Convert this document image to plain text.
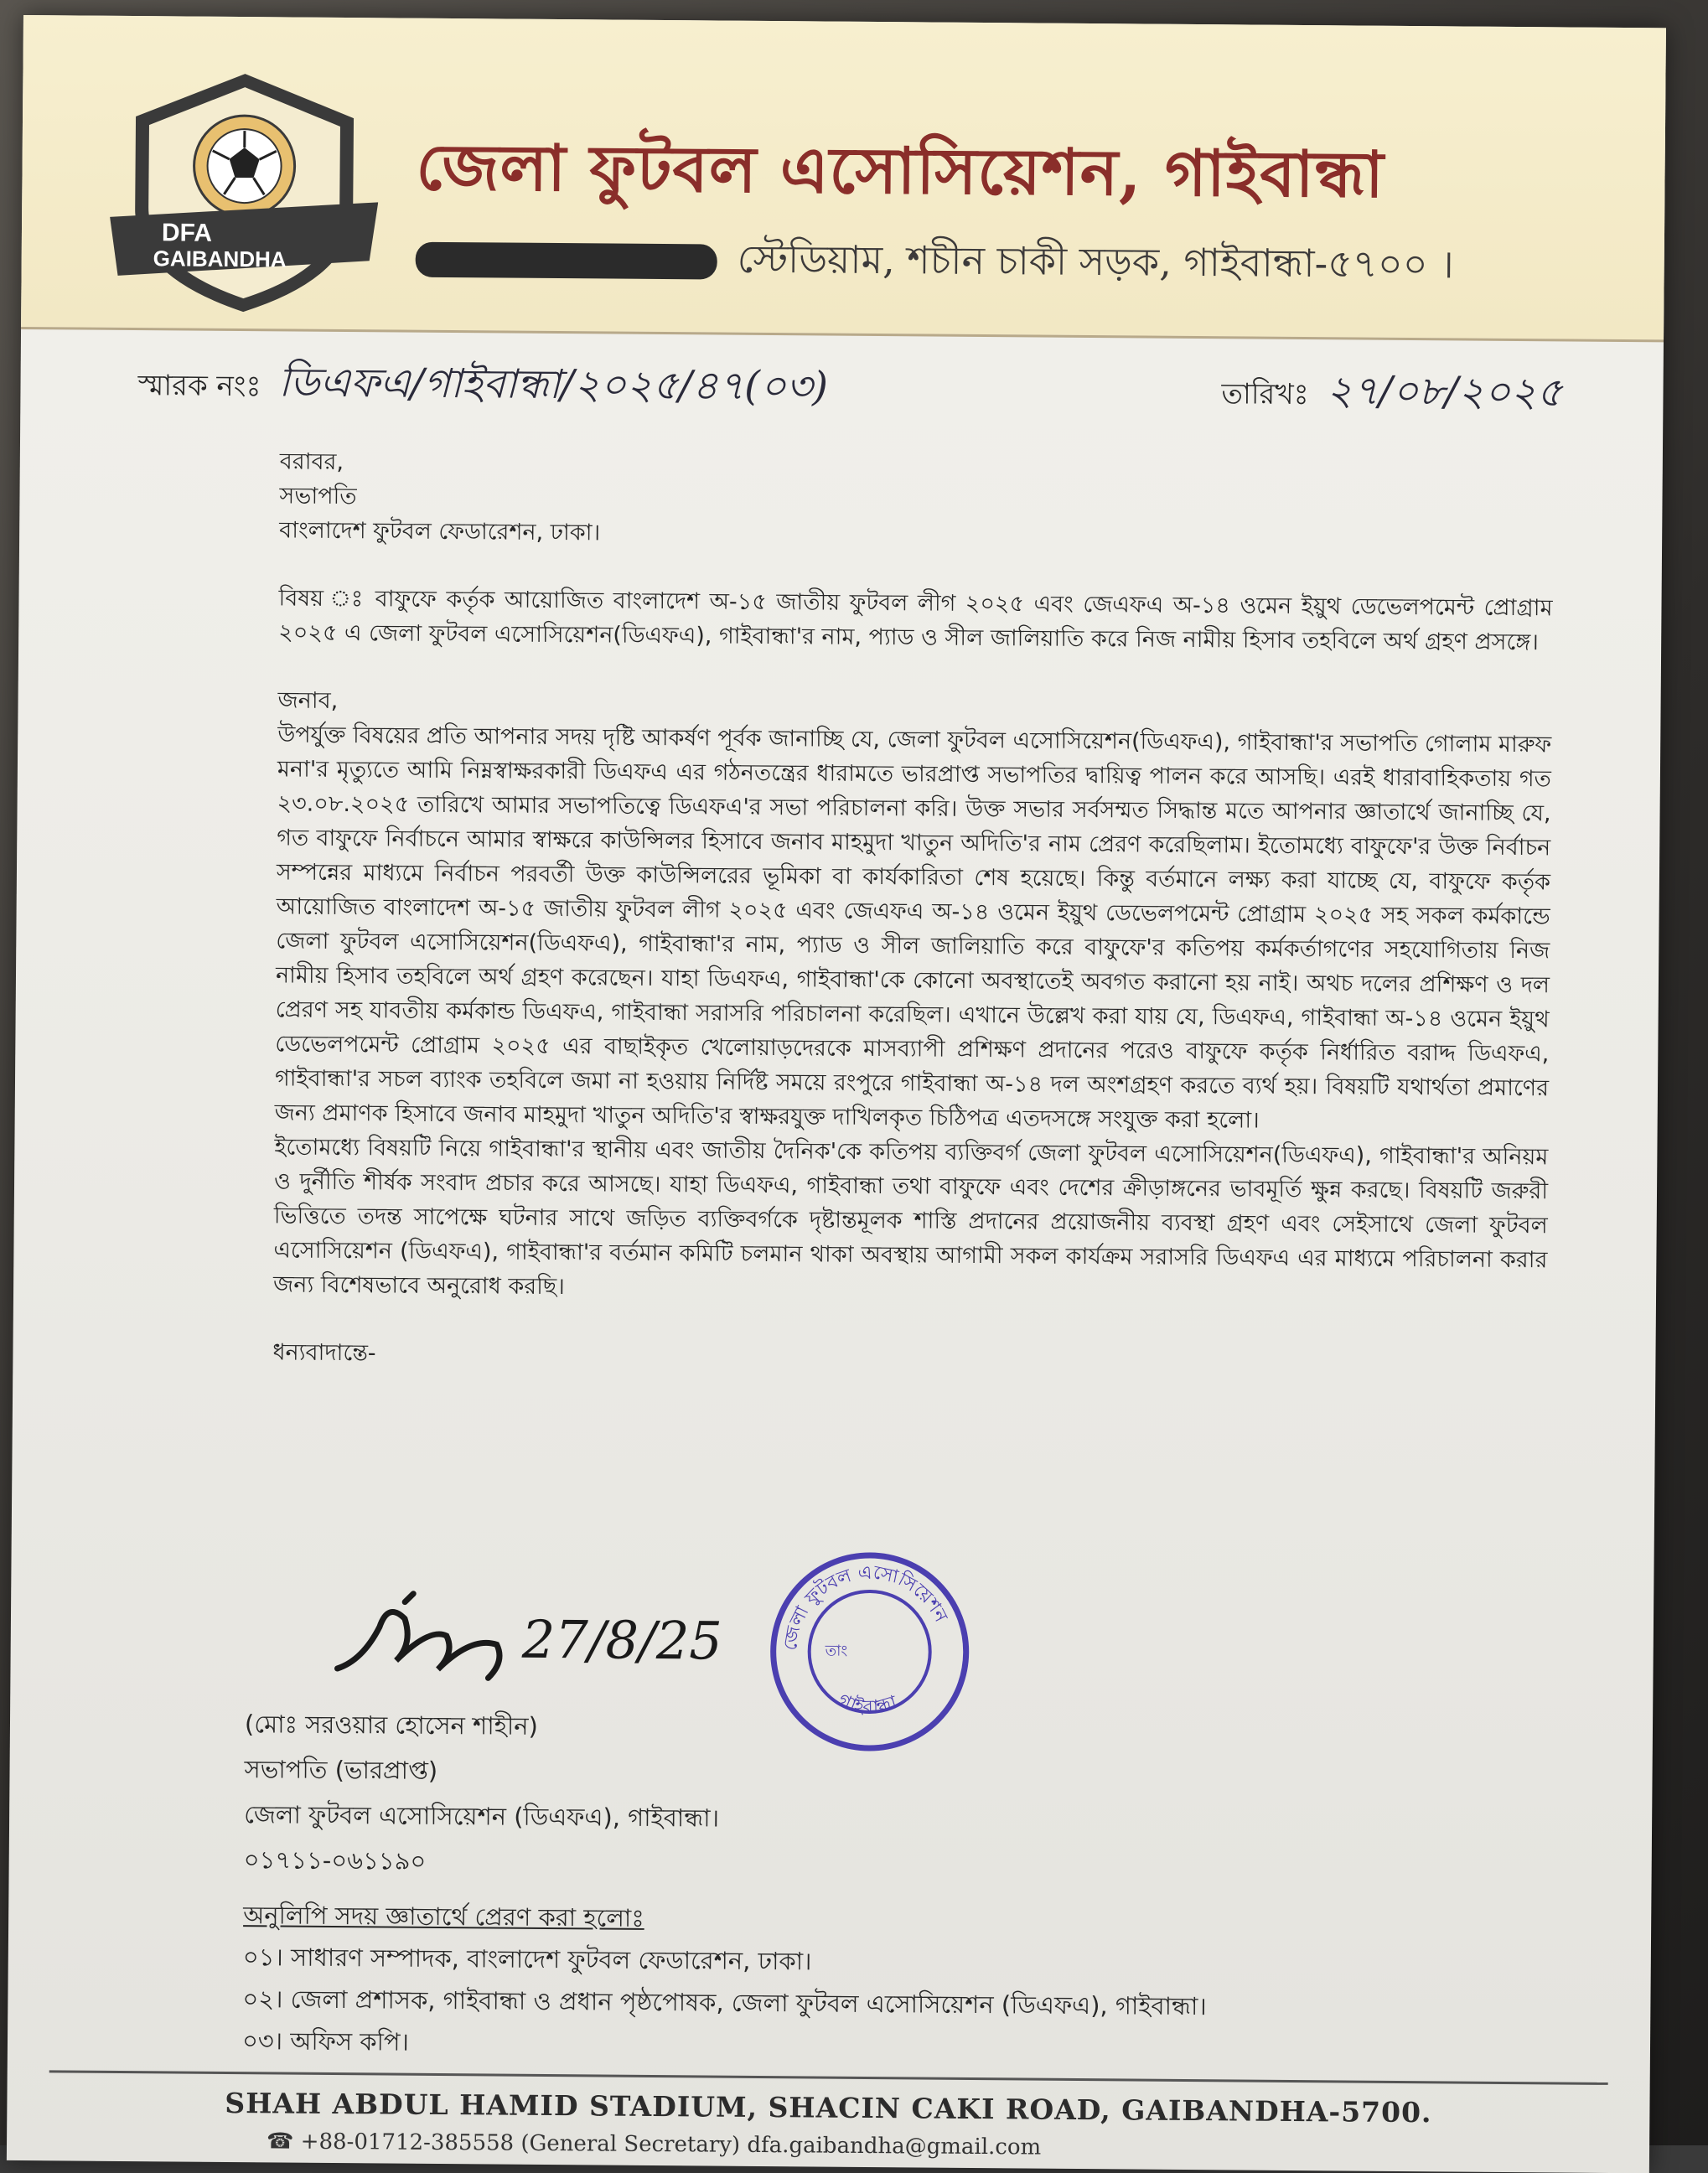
DFA
GAIBANDHA
জেলা ফুটবল এসোসিয়েশন, গাইবান্ধা
স্টেডিয়াম, শচীন চাকী সড়ক, গাইবান্ধা-৫৭০০ ।
স্মারক নংঃ ডিএফএ/গাইবান্ধা/২০২৫/৪৭(০৩)	তারিখঃ ২৭/০৮/২০২৫

বরাবর,

সভাপতি

বাংলাদেশ ফুটবল ফেডারেশন, ঢাকা।

বিষয় ঃ বাফুফে কর্তৃক আয়োজিত বাংলাদেশ অ-১৫ জাতীয় ফুটবল লীগ ২০২৫ এবং জেএফএ অ-১৪ ওমেন ইয়ুথ ডেভেলপমেন্ট প্রোগ্রাম ২০২৫ এ জেলা ফুটবল এসোসিয়েশন(ডিএফএ), গাইবান্ধা'র নাম, প্যাড ও সীল জালিয়াতি করে নিজ নামীয় হিসাব তহবিলে অর্থ গ্রহণ প্রসঙ্গে।

জনাব,

উপর্যুক্ত বিষয়ের প্রতি আপনার সদয় দৃষ্টি আকর্ষণ পূর্বক জানাচ্ছি যে, জেলা ফুটবল এসোসিয়েশন(ডিএফএ), গাইবান্ধা'র সভাপতি গোলাম মারুফ মনা'র মৃত্যুতে আমি নিম্নস্বাক্ষরকারী ডিএফএ এর গঠনতন্ত্রের ধারামতে ভারপ্রাপ্ত সভাপতির দ্বায়িত্ব পালন করে আসছি। এরই ধারাবাহিকতায় গত ২৩.০৮.২০২৫ তারিখে আমার সভাপতিত্বে ডিএফএ'র সভা পরিচালনা করি। উক্ত সভার সর্বসম্মত সিদ্ধান্ত মতে আপনার জ্ঞাতার্থে জানাচ্ছি যে, গত বাফুফে নির্বাচনে আমার স্বাক্ষরে কাউন্সিলর হিসাবে জনাব মাহমুদা খাতুন অদিতি'র নাম প্রেরণ করেছিলাম। ইতোমধ্যে বাফুফে'র উক্ত নির্বাচন সম্পন্নের মাধ্যমে নির্বাচন পরবর্তী উক্ত কাউন্সিলরের ভূমিকা বা কার্যকারিতা শেষ হয়েছে। কিন্তু বর্তমানে লক্ষ্য করা যাচ্ছে যে, বাফুফে কর্তৃক আয়োজিত বাংলাদেশ অ-১৫ জাতীয় ফুটবল লীগ ২০২৫ এবং জেএফএ অ-১৪ ওমেন ইয়ুথ ডেভেলপমেন্ট প্রোগ্রাম ২০২৫ সহ সকল কর্মকান্ডে জেলা ফুটবল এসোসিয়েশন(ডিএফএ), গাইবান্ধা'র নাম, প্যাড ও সীল জালিয়াতি করে বাফুফে'র কতিপয় কর্মকর্তাগণের সহযোগিতায় নিজ নামীয় হিসাব তহবিলে অর্থ গ্রহণ করেছেন। যাহা ডিএফএ, গাইবান্ধা'কে কোনো অবস্থাতেই অবগত করানো হয় নাই। অথচ দলের প্রশিক্ষণ ও দল প্রেরণ সহ যাবতীয় কর্মকান্ড ডিএফএ, গাইবান্ধা সরাসরি পরিচালনা করেছিল। এখানে উল্লেখ করা যায় যে, ডিএফএ, গাইবান্ধা অ-১৪ ওমেন ইয়ুথ ডেভেলপমেন্ট প্রোগ্রাম ২০২৫ এর বাছাইকৃত খেলোয়াড়দেরকে মাসব্যাপী প্রশিক্ষণ প্রদানের পরেও বাফুফে কর্তৃক নির্ধারিত বরাদ্দ ডিএফএ, গাইবান্ধা'র সচল ব্যাংক তহবিলে জমা না হওয়ায় নির্দিষ্ট সময়ে রংপুরে গাইবান্ধা অ-১৪ দল অংশগ্রহণ করতে ব্যর্থ হয়। বিষয়টি যথার্থতা প্রমাণের জন্য প্রমাণক হিসাবে জনাব মাহমুদা খাতুন অদিতি'র স্বাক্ষরযুক্ত দাখিলকৃত চিঠিপত্র এতদসঙ্গে সংযুক্ত করা হলো।

ইতোমধ্যে বিষয়টি নিয়ে গাইবান্ধা'র স্থানীয় এবং জাতীয় দৈনিক'কে কতিপয় ব্যক্তিবর্গ জেলা ফুটবল এসোসিয়েশন(ডিএফএ), গাইবান্ধা'র অনিয়ম ও দুর্নীতি শীর্ষক সংবাদ প্রচার করে আসছে। যাহা ডিএফএ, গাইবান্ধা তথা বাফুফে এবং দেশের ক্রীড়াঙ্গনের ভাবমূর্তি ক্ষুন্ন করছে। বিষয়টি জরুরী ভিত্তিতে তদন্ত সাপেক্ষে ঘটনার সাথে জড়িত ব্যক্তিবর্গকে দৃষ্টান্তমূলক শাস্তি প্রদানের প্রয়োজনীয় ব্যবস্থা গ্রহণ এবং সেইসাথে জেলা ফুটবল এসোসিয়েশন (ডিএফএ), গাইবান্ধা'র বর্তমান কমিটি চলমান থাকা অবস্থায় আগামী সকল কার্যক্রম সরাসরি ডিএফএ এর মাধ্যমে পরিচালনা করার জন্য বিশেষভাবে অনুরোধ করছি।

ধন্যবাদান্তে-

27/8/25	জেলা ফুটবল এসোসিয়েশন
গাইবান্ধা
তাং
(মোঃ সরওয়ার হোসেন শাহীন)
সভাপতি (ভারপ্রাপ্ত)
জেলা ফুটবল এসোসিয়েশন (ডিএফএ), গাইবান্ধা।
০১৭১১-০৬১১৯০
অনুলিপি সদয় জ্ঞাতার্থে প্রেরণ করা হলোঃ
০১। সাধারণ সম্পাদক, বাংলাদেশ ফুটবল ফেডারেশন, ঢাকা।
০২। জেলা প্রশাসক, গাইবান্ধা ও প্রধান পৃষ্ঠপোষক, জেলা ফুটবল এসোসিয়েশন (ডিএফএ), গাইবান্ধা।
০৩। অফিস কপি।
SHAH ABDUL HAMID STADIUM, SHACIN CAKI ROAD, GAIBANDHA-5700.
☎ +88-01712-385558 (General Secretary) dfa.gaibandha@gmail.com
